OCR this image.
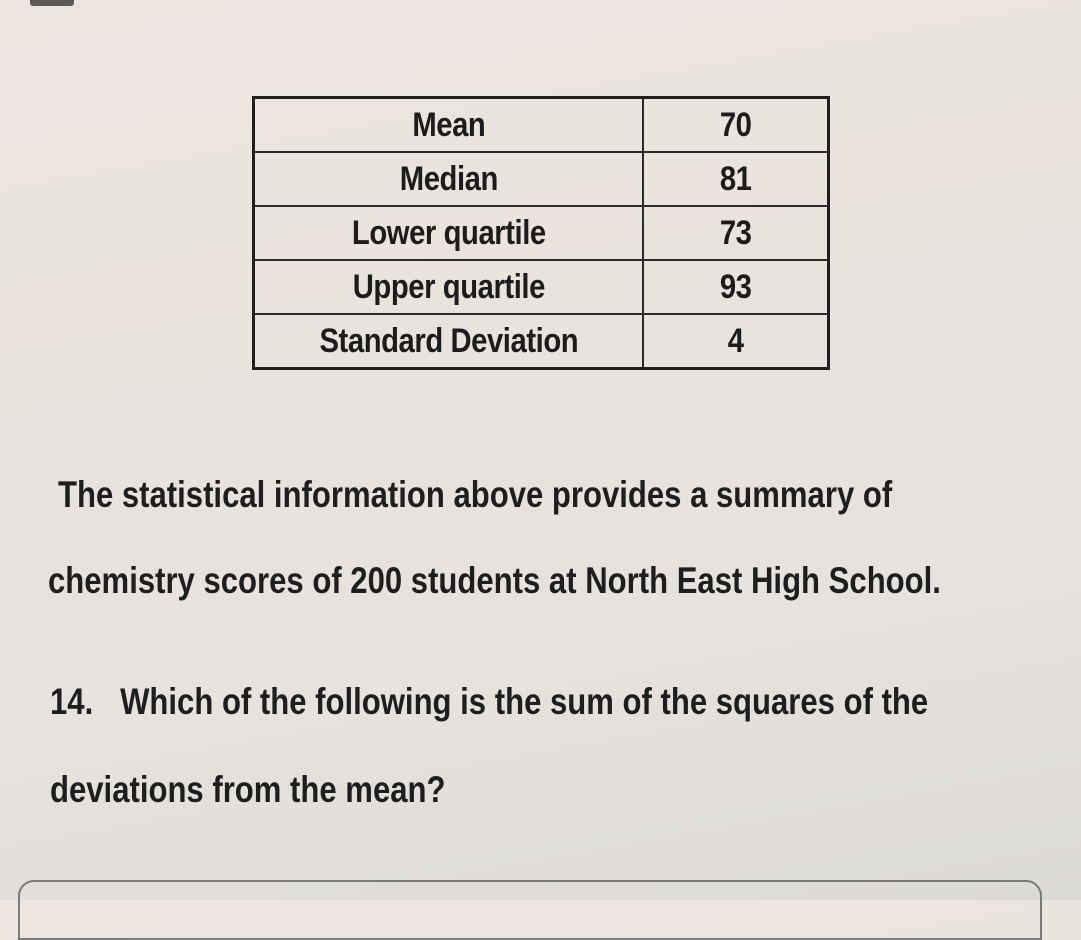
Mean	70
Median	81
Lower quartile	73
Upper quartile	93
Standard Deviation	4
The statistical information above provides a summary of
chemistry scores of 200 students at North East High School.
14. Which of the following is the sum of the squares of the
deviations from the mean?
